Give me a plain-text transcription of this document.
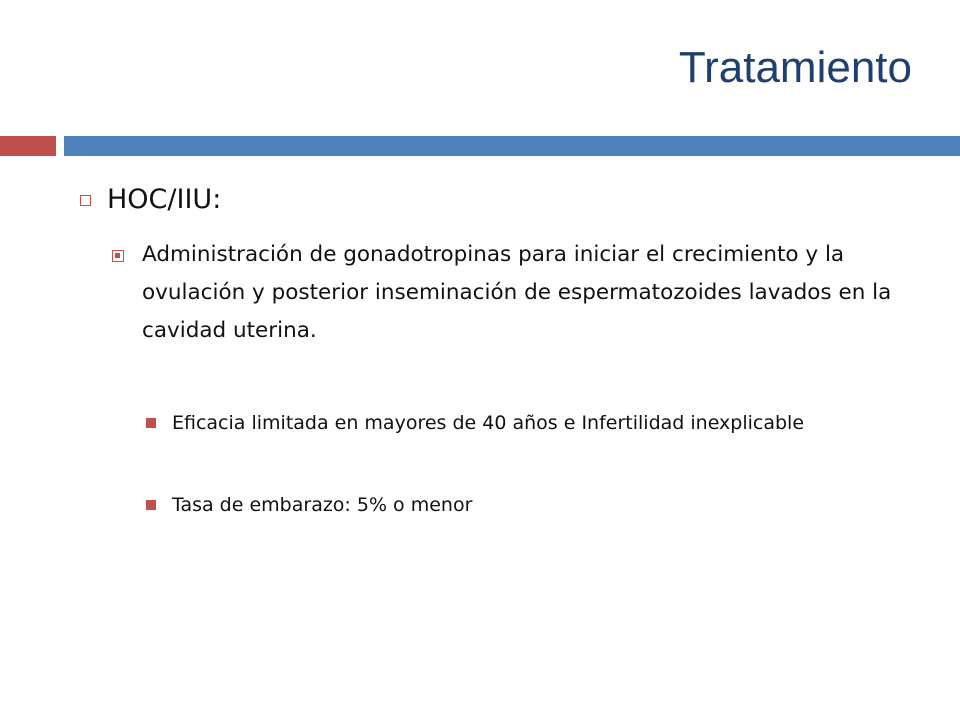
Tratamiento
HOC/IIU:
Administración de gonadotropinas para iniciar el crecimiento y la ovulación y posterior inseminación de espermatozoides lavados en la cavidad uterina.
Eficacia limitada en mayores de 40 años e Infertilidad inexplicable
Tasa de embarazo: 5% o menor
